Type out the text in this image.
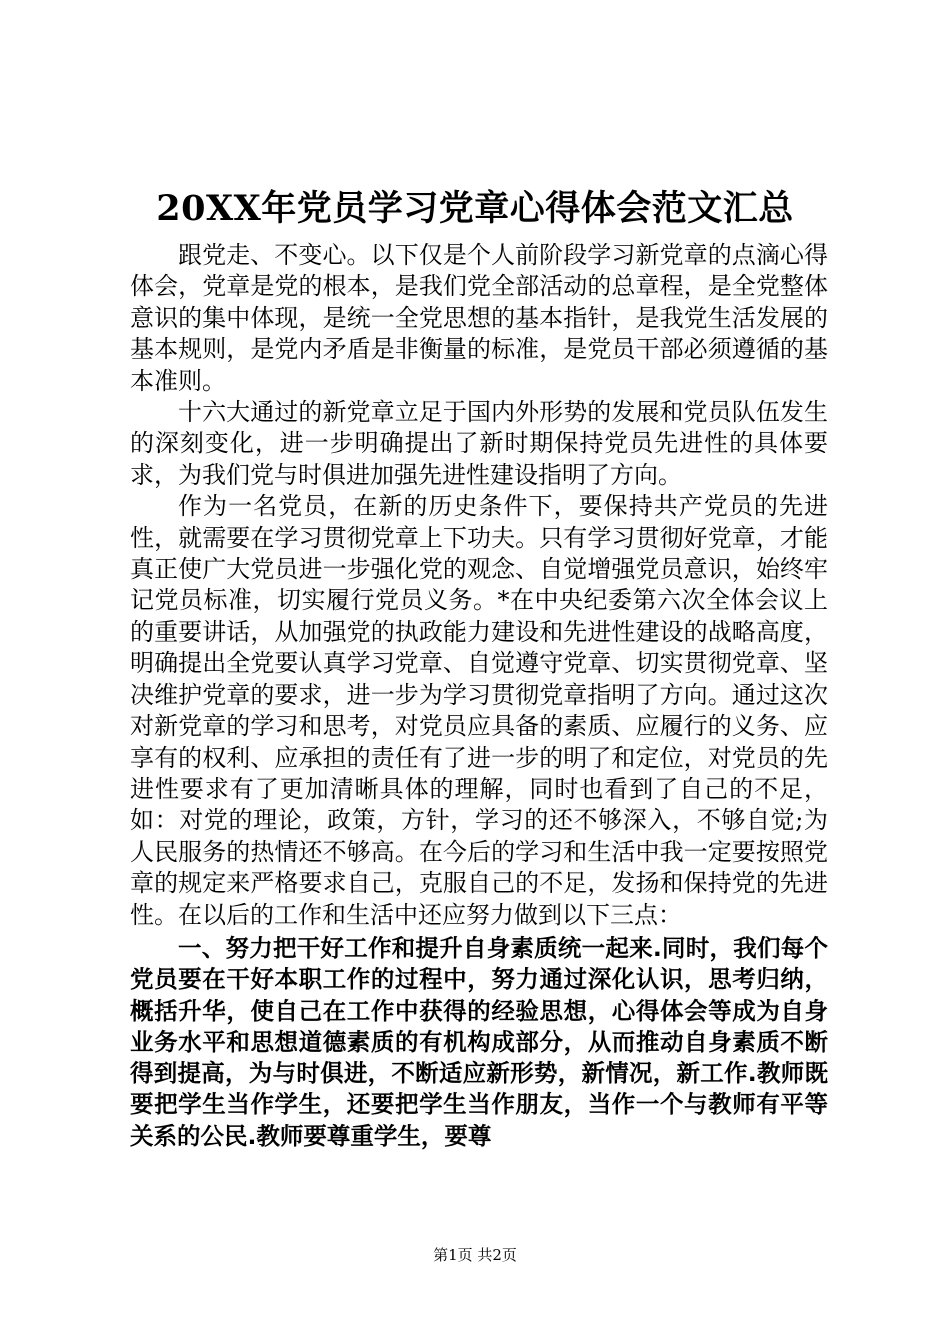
20XX年党员学习党章心得体会范文汇总

跟党走、不变心。以下仅是个人前阶段学习新党章的点滴心得体会，党章是党的根本，是我们党全部活动的总章程，是全党整体意识的集中体现，是统一全党思想的基本指针，是我党生活发展的基本规则，是党内矛盾是非衡量的标准，是党员干部必须遵循的基本准则。

十六大通过的新党章立足于国内外形势的发展和党员队伍发生的深刻变化，进一步明确提出了新时期保持党员先进性的具体要求，为我们党与时俱进加强先进性建设指明了方向。

作为一名党员，在新的历史条件下，要保持共产党员的先进性，就需要在学习贯彻党章上下功夫。只有学习贯彻好党章，才能真正使广大党员进一步强化党的观念、自觉增强党员意识，始终牢记党员标准，切实履行党员义务。*在中央纪委第六次全体会议上的重要讲话，从加强党的执政能力建设和先进性建设的战略高度，明确提出全党要认真学习党章、自觉遵守党章、切实贯彻党章、坚决维护党章的要求，进一步为学习贯彻党章指明了方向。通过这次对新党章的学习和思考，对党员应具备的素质、应履行的义务、应享有的权利、应承担的责任有了进一步的明了和定位，对党员的先进性要求有了更加清晰具体的理解，同时也看到了自己的不足，如：对党的理论，政策，方针，学习的还不够深入，不够自觉;为人民服务的热情还不够高。在今后的学习和生活中我一定要按照党章的规定来严格要求自己，克服自己的不足，发扬和保持党的先进性。在以后的工作和生活中还应努力做到以下三点：

一、努力把干好工作和提升自身素质统一起来.同时，我们每个党员要在干好本职工作的过程中，努力通过深化认识，思考归纳，概括升华，使自己在工作中获得的经验思想，心得体会等成为自身业务水平和思想道德素质的有机构成部分，从而推动自身素质不断得到提高，为与时俱进，不断适应新形势，新情况，新工作.教师既要把学生当作学生，还要把学生当作朋友，当作一个与教师有平等关系的公民.教师要尊重学生，要尊

第1页 共2页
